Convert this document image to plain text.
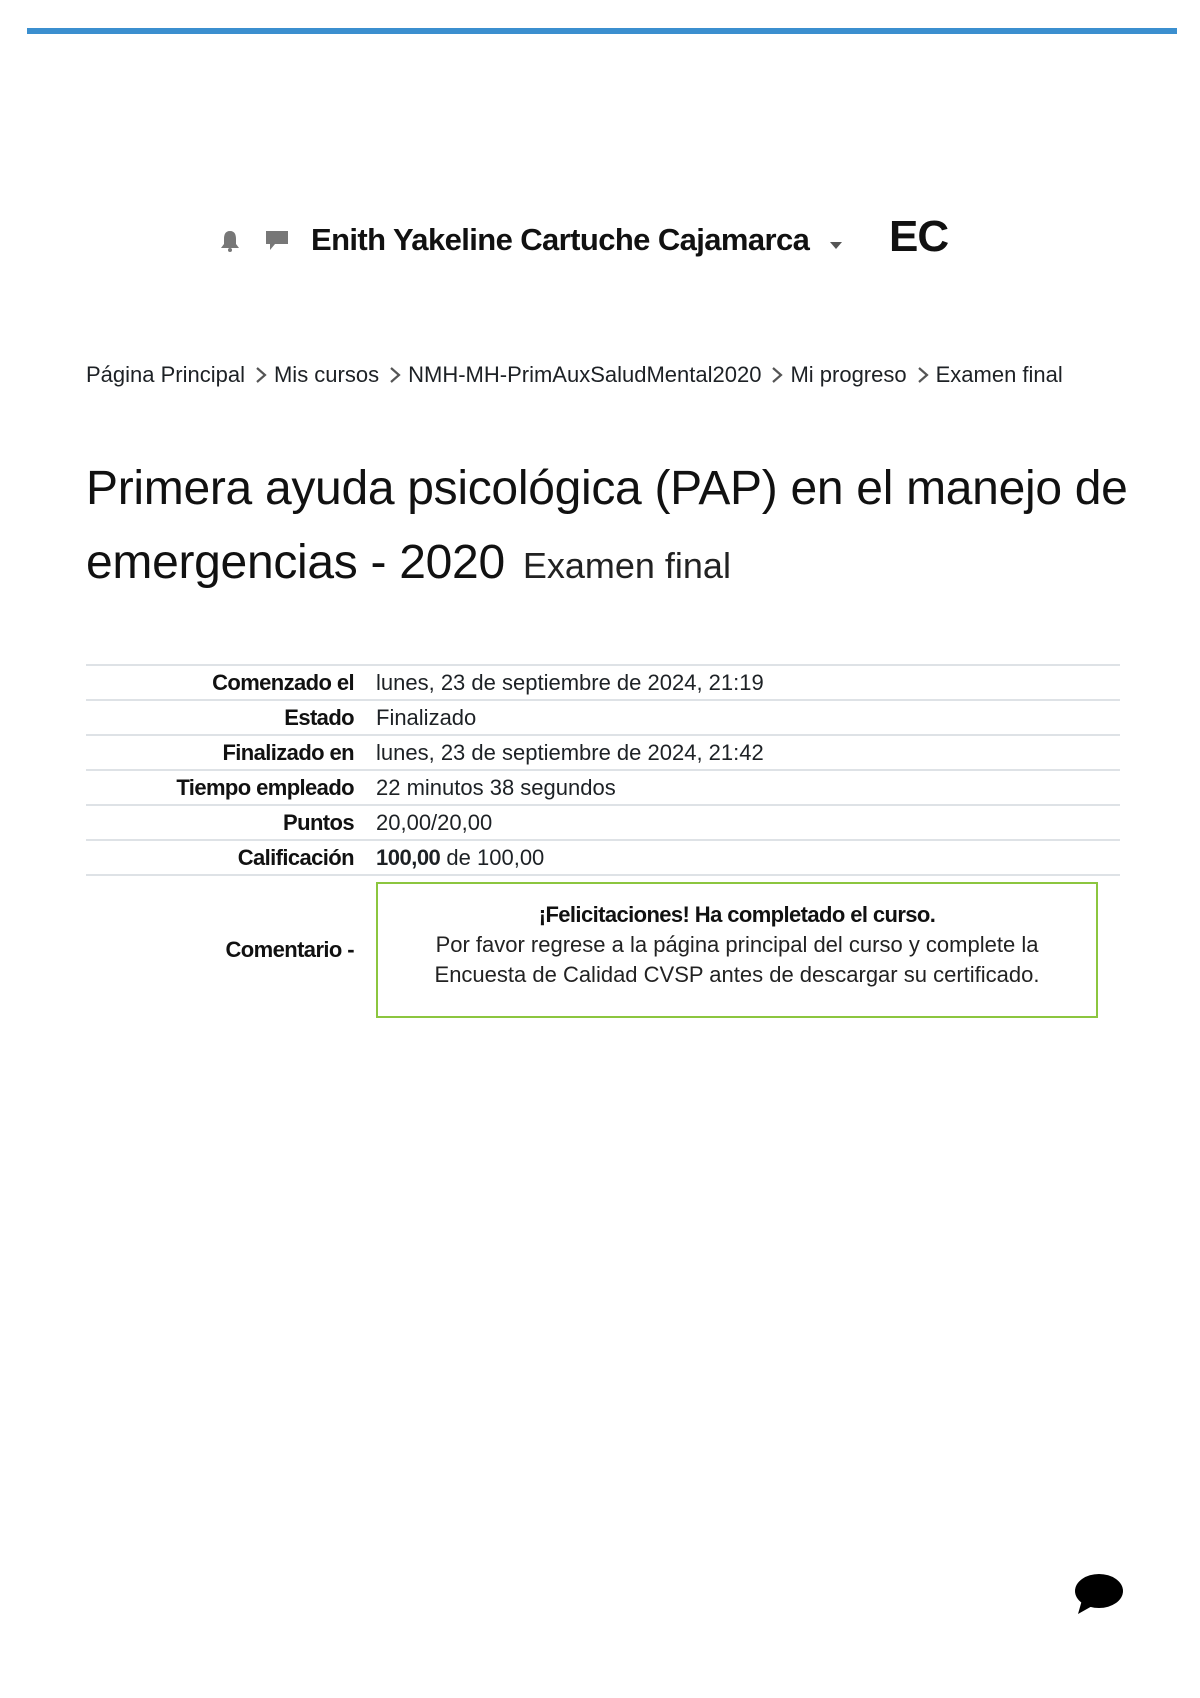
Enith Yakeline Cartuche Cajamarca EC
Página Principal Mis cursos NMH-MH-PrimAuxSaludMental2020 Mi progreso Examen final
Primera ayuda psicológica (PAP) en el manejo de emergencias - 2020 Examen final
Comenzado el	lunes, 23 de septiembre de 2024, 21:19
Estado	Finalizado
Finalizado en	lunes, 23 de septiembre de 2024, 21:42
Tiempo empleado	22 minutos 38 segundos
Puntos	20,00/20,00
Calificación	100,00 de 100,00
Comentario -	¡Felicitaciones! Ha completado el curso.
Por favor regrese a la página principal del curso y complete la
Encuesta de Calidad CVSP antes de descargar su certificado.
